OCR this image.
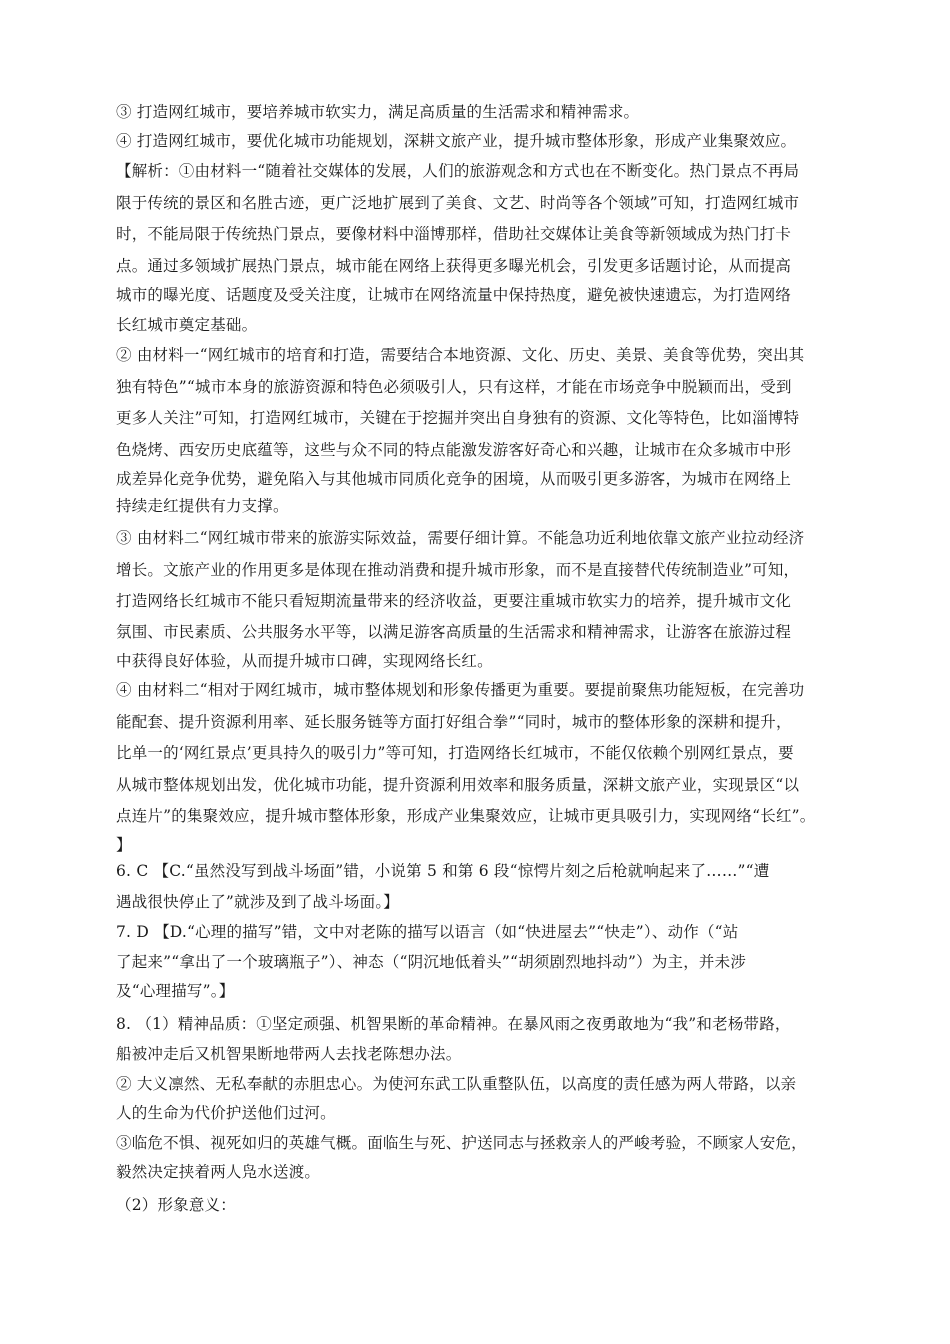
③ 打造网红城市，要培养城市软实力，满足高质量的生活需求和精神需求。
④ 打造网红城市，要优化城市功能规划，深耕文旅产业，提升城市整体形象，形成产业集聚效应。
【解析：①由材料一“随着社交媒体的发展，人们的旅游观念和方式也在不断变化。热门景点不再局
限于传统的景区和名胜古迹，更广泛地扩展到了美食、文艺、时尚等各个领域”可知，打造网红城市
时，不能局限于传统热门景点，要像材料中淄博那样，借助社交媒体让美食等新领域成为热门打卡
点。通过多领域扩展热门景点，城市能在网络上获得更多曝光机会，引发更多话题讨论，从而提高
城市的曝光度、话题度及受关注度，让城市在网络流量中保持热度，避免被快速遗忘，为打造网络
长红城市奠定基础。
② 由材料一“网红城市的培育和打造，需要结合本地资源、文化、历史、美景、美食等优势，突出其
独有特色”“城市本身的旅游资源和特色必须吸引人，只有这样，才能在市场竞争中脱颖而出，受到
更多人关注”可知，打造网红城市，关键在于挖掘并突出自身独有的资源、文化等特色，比如淄博特
色烧烤、西安历史底蕴等，这些与众不同的特点能激发游客好奇心和兴趣，让城市在众多城市中形
成差异化竞争优势，避免陷入与其他城市同质化竞争的困境，从而吸引更多游客，为城市在网络上
持续走红提供有力支撑。
③ 由材料二“网红城市带来的旅游实际效益，需要仔细计算。不能急功近利地依靠文旅产业拉动经济
增长。文旅产业的作用更多是体现在推动消费和提升城市形象，而不是直接替代传统制造业”可知，
打造网络长红城市不能只看短期流量带来的经济收益，更要注重城市软实力的培养，提升城市文化
氛围、市民素质、公共服务水平等，以满足游客高质量的生活需求和精神需求，让游客在旅游过程
中获得良好体验，从而提升城市口碑，实现网络长红。
④ 由材料二“相对于网红城市，城市整体规划和形象传播更为重要。要提前聚焦功能短板，在完善功
能配套、提升资源利用率、延长服务链等方面打好组合拳”“同时，城市的整体形象的深耕和提升，
比单一的‘网红景点’更具持久的吸引力”等可知，打造网络长红城市，不能仅依赖个别网红景点，要
从城市整体规划出发，优化城市功能，提升资源利用效率和服务质量，深耕文旅产业，实现景区“以
点连片”的集聚效应，提升城市整体形象，形成产业集聚效应，让城市更具吸引力，实现网络“长红”。
】
6. C 【C.“虽然没写到战斗场面”错，小说第 5 和第 6 段“惊愕片刻之后枪就响起来了……”“遭
遇战很快停止了”就涉及到了战斗场面。】
7. D 【D.“心理的描写”错，文中对老陈的描写以语言（如“快进屋去”“快走”）、动作（“站
了起来”“拿出了一个玻璃瓶子”）、神态（“阴沉地低着头”“胡须剧烈地抖动”）为主，并未涉
及“心理描写”。】
8. （1）精神品质：①坚定顽强、机智果断的革命精神。在暴风雨之夜勇敢地为“我”和老杨带路，
船被冲走后又机智果断地带两人去找老陈想办法。
② 大义凛然、无私奉献的赤胆忠心。为使河东武工队重整队伍，以高度的责任感为两人带路，以亲
人的生命为代价护送他们过河。
③临危不惧、视死如归的英雄气概。面临生与死、护送同志与拯救亲人的严峻考验，不顾家人安危，
毅然决定挟着两人凫水送渡。
（2）形象意义：
